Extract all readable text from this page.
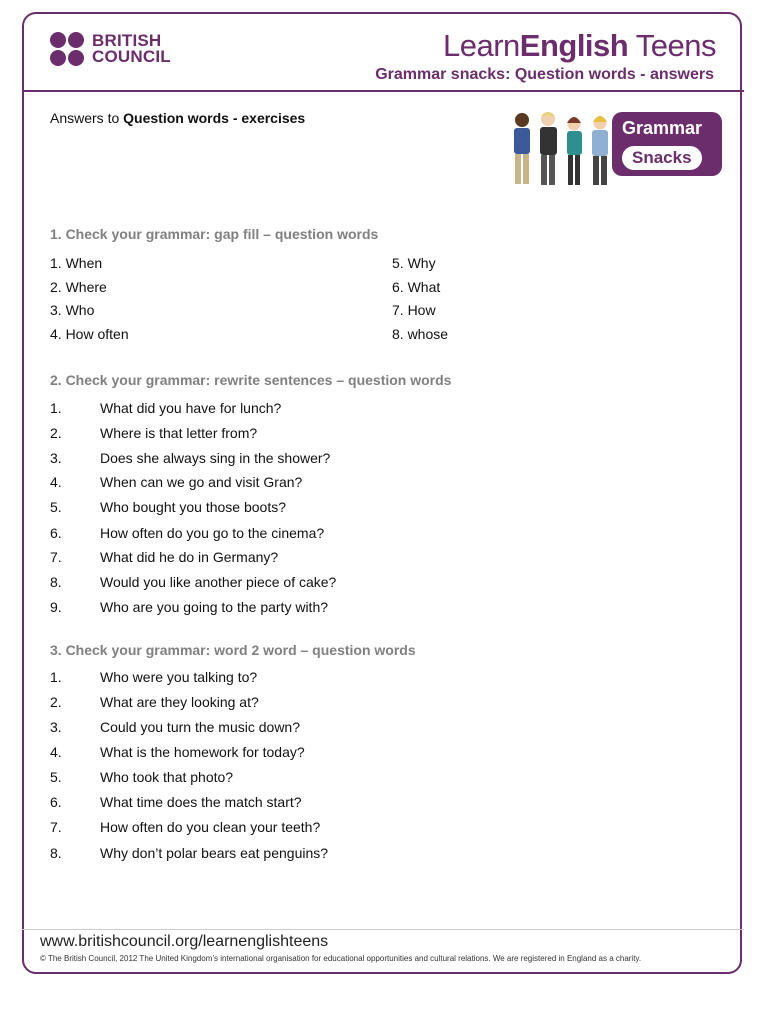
BRITISH
COUNCIL	LearnEnglish Teens
Grammar snacks: Question words - answers
Answers to Question words - exercises	Grammar
Snacks
1. Check your grammar: gap fill – question words
1. When
2. Where
3. Who
4. How often
5. Why
6. What
7. How
8. whose
2. Check your grammar: rewrite sentences – question words
1.	What did you have for lunch?
2.	Where is that letter from?
3.	Does she always sing in the shower?
4.	When can we go and visit Gran?
5.	Who bought you those boots?
6.	How often do you go to the cinema?
7.	What did he do in Germany?
8.	Would you like another piece of cake?
9.	Who are you going to the party with?
3. Check your grammar: word 2 word – question words
1.	Who were you talking to?
2.	What are they looking at?
3.	Could you turn the music down?
4.	What is the homework for today?
5.	Who took that photo?
6.	What time does the match start?
7.	How often do you clean your teeth?
8.	Why don’t polar bears eat penguins?
www.britishcouncil.org/learnenglishteens
© The British Council, 2012 The United Kingdom’s international organisation for educational opportunities and cultural relations. We are registered in England as a charity.
